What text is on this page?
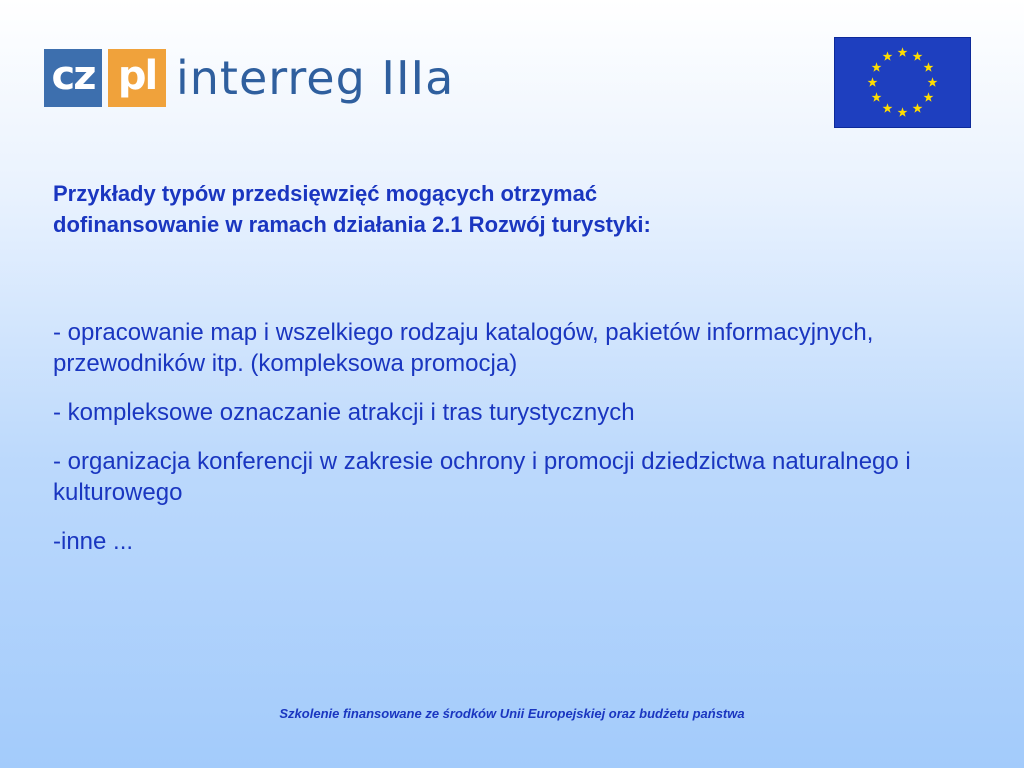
cz pl interreg IIIa
Przykłady typów przedsięwzięć mogących otrzymać
dofinansowanie w ramach działania 2.1 Rozwój turystyki:
- opracowanie map i wszelkiego rodzaju katalogów, pakietów informacyjnych, przewodników itp. (kompleksowa promocja)
- kompleksowe oznaczanie atrakcji i tras turystycznych
- organizacja konferencji w zakresie ochrony i promocji dziedzictwa naturalnego i kulturowego
-inne ...
Szkolenie finansowane ze środków Unii Europejskiej oraz budżetu państwa
